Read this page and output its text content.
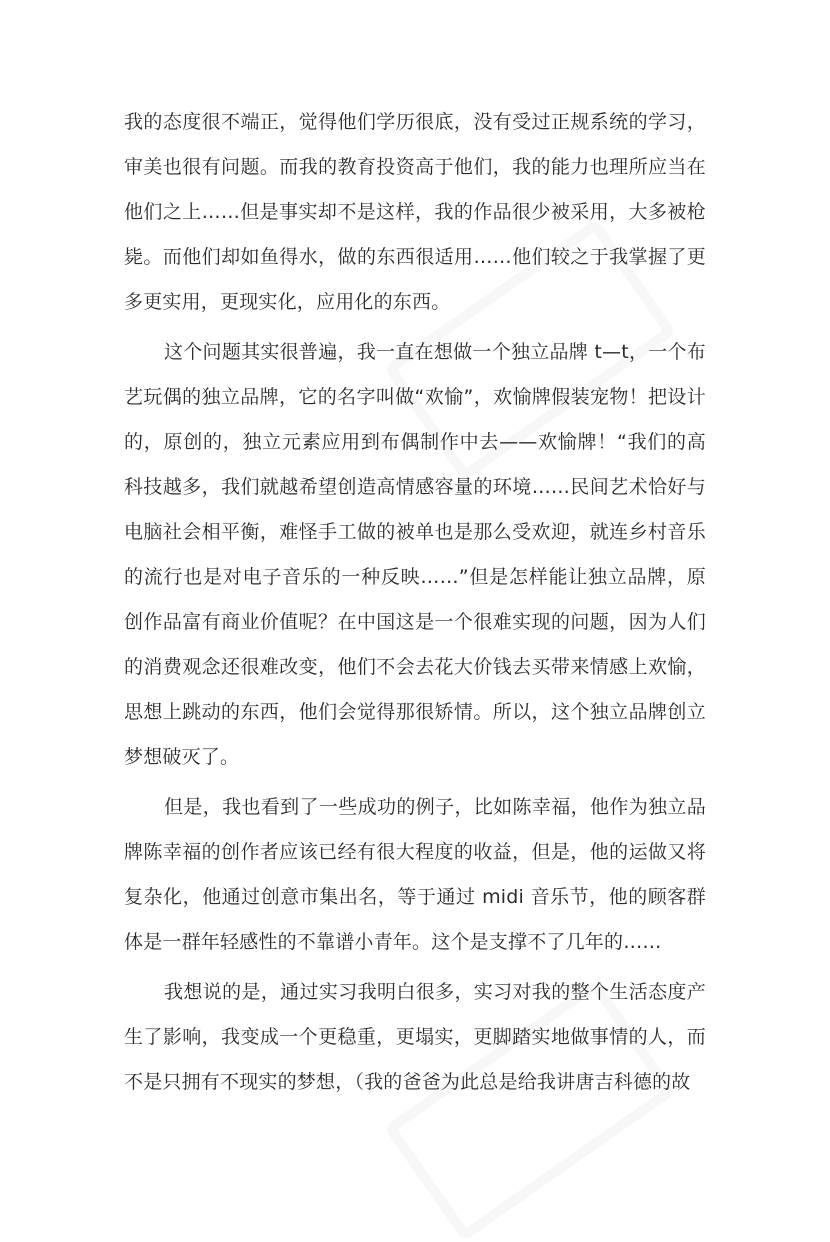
我的态度很不端正，觉得他们学历很底，没有受过正规系统的学习，审美也很有问题。而我的教育投资高于他们，我的能力也理所应当在他们之上……但是事实却不是这样，我的作品很少被采用，大多被枪毙。而他们却如鱼得水，做的东西很适用……他们较之于我掌握了更多更实用，更现实化，应用化的东西。

这个问题其实很普遍，我一直在想做一个独立品牌 t—t，一个布艺玩偶的独立品牌，它的名字叫做“欢愉”，欢愉牌假装宠物！把设计的，原创的，独立元素应用到布偶制作中去——欢愉牌！“我们的高科技越多，我们就越希望创造高情感容量的环境……民间艺术恰好与电脑社会相平衡，难怪手工做的被单也是那么受欢迎，就连乡村音乐的流行也是对电子音乐的一种反映……”但是怎样能让独立品牌，原创作品富有商业价值呢？在中国这是一个很难实现的问题，因为人们的消费观念还很难改变，他们不会去花大价钱去买带来情感上欢愉，思想上跳动的东西，他们会觉得那很矫情。所以，这个独立品牌创立梦想破灭了。

但是，我也看到了一些成功的例子，比如陈幸福，他作为独立品牌陈幸福的创作者应该已经有很大程度的收益，但是，他的运做又将复杂化，他通过创意市集出名，等于通过 midi 音乐节，他的顾客群体是一群年轻感性的不靠谱小青年。这个是支撑不了几年的……

我想说的是，通过实习我明白很多，实习对我的整个生活态度产生了影响，我变成一个更稳重，更塌实，更脚踏实地做事情的人，而不是只拥有不现实的梦想，（我的爸爸为此总是给我讲唐吉科德的故
